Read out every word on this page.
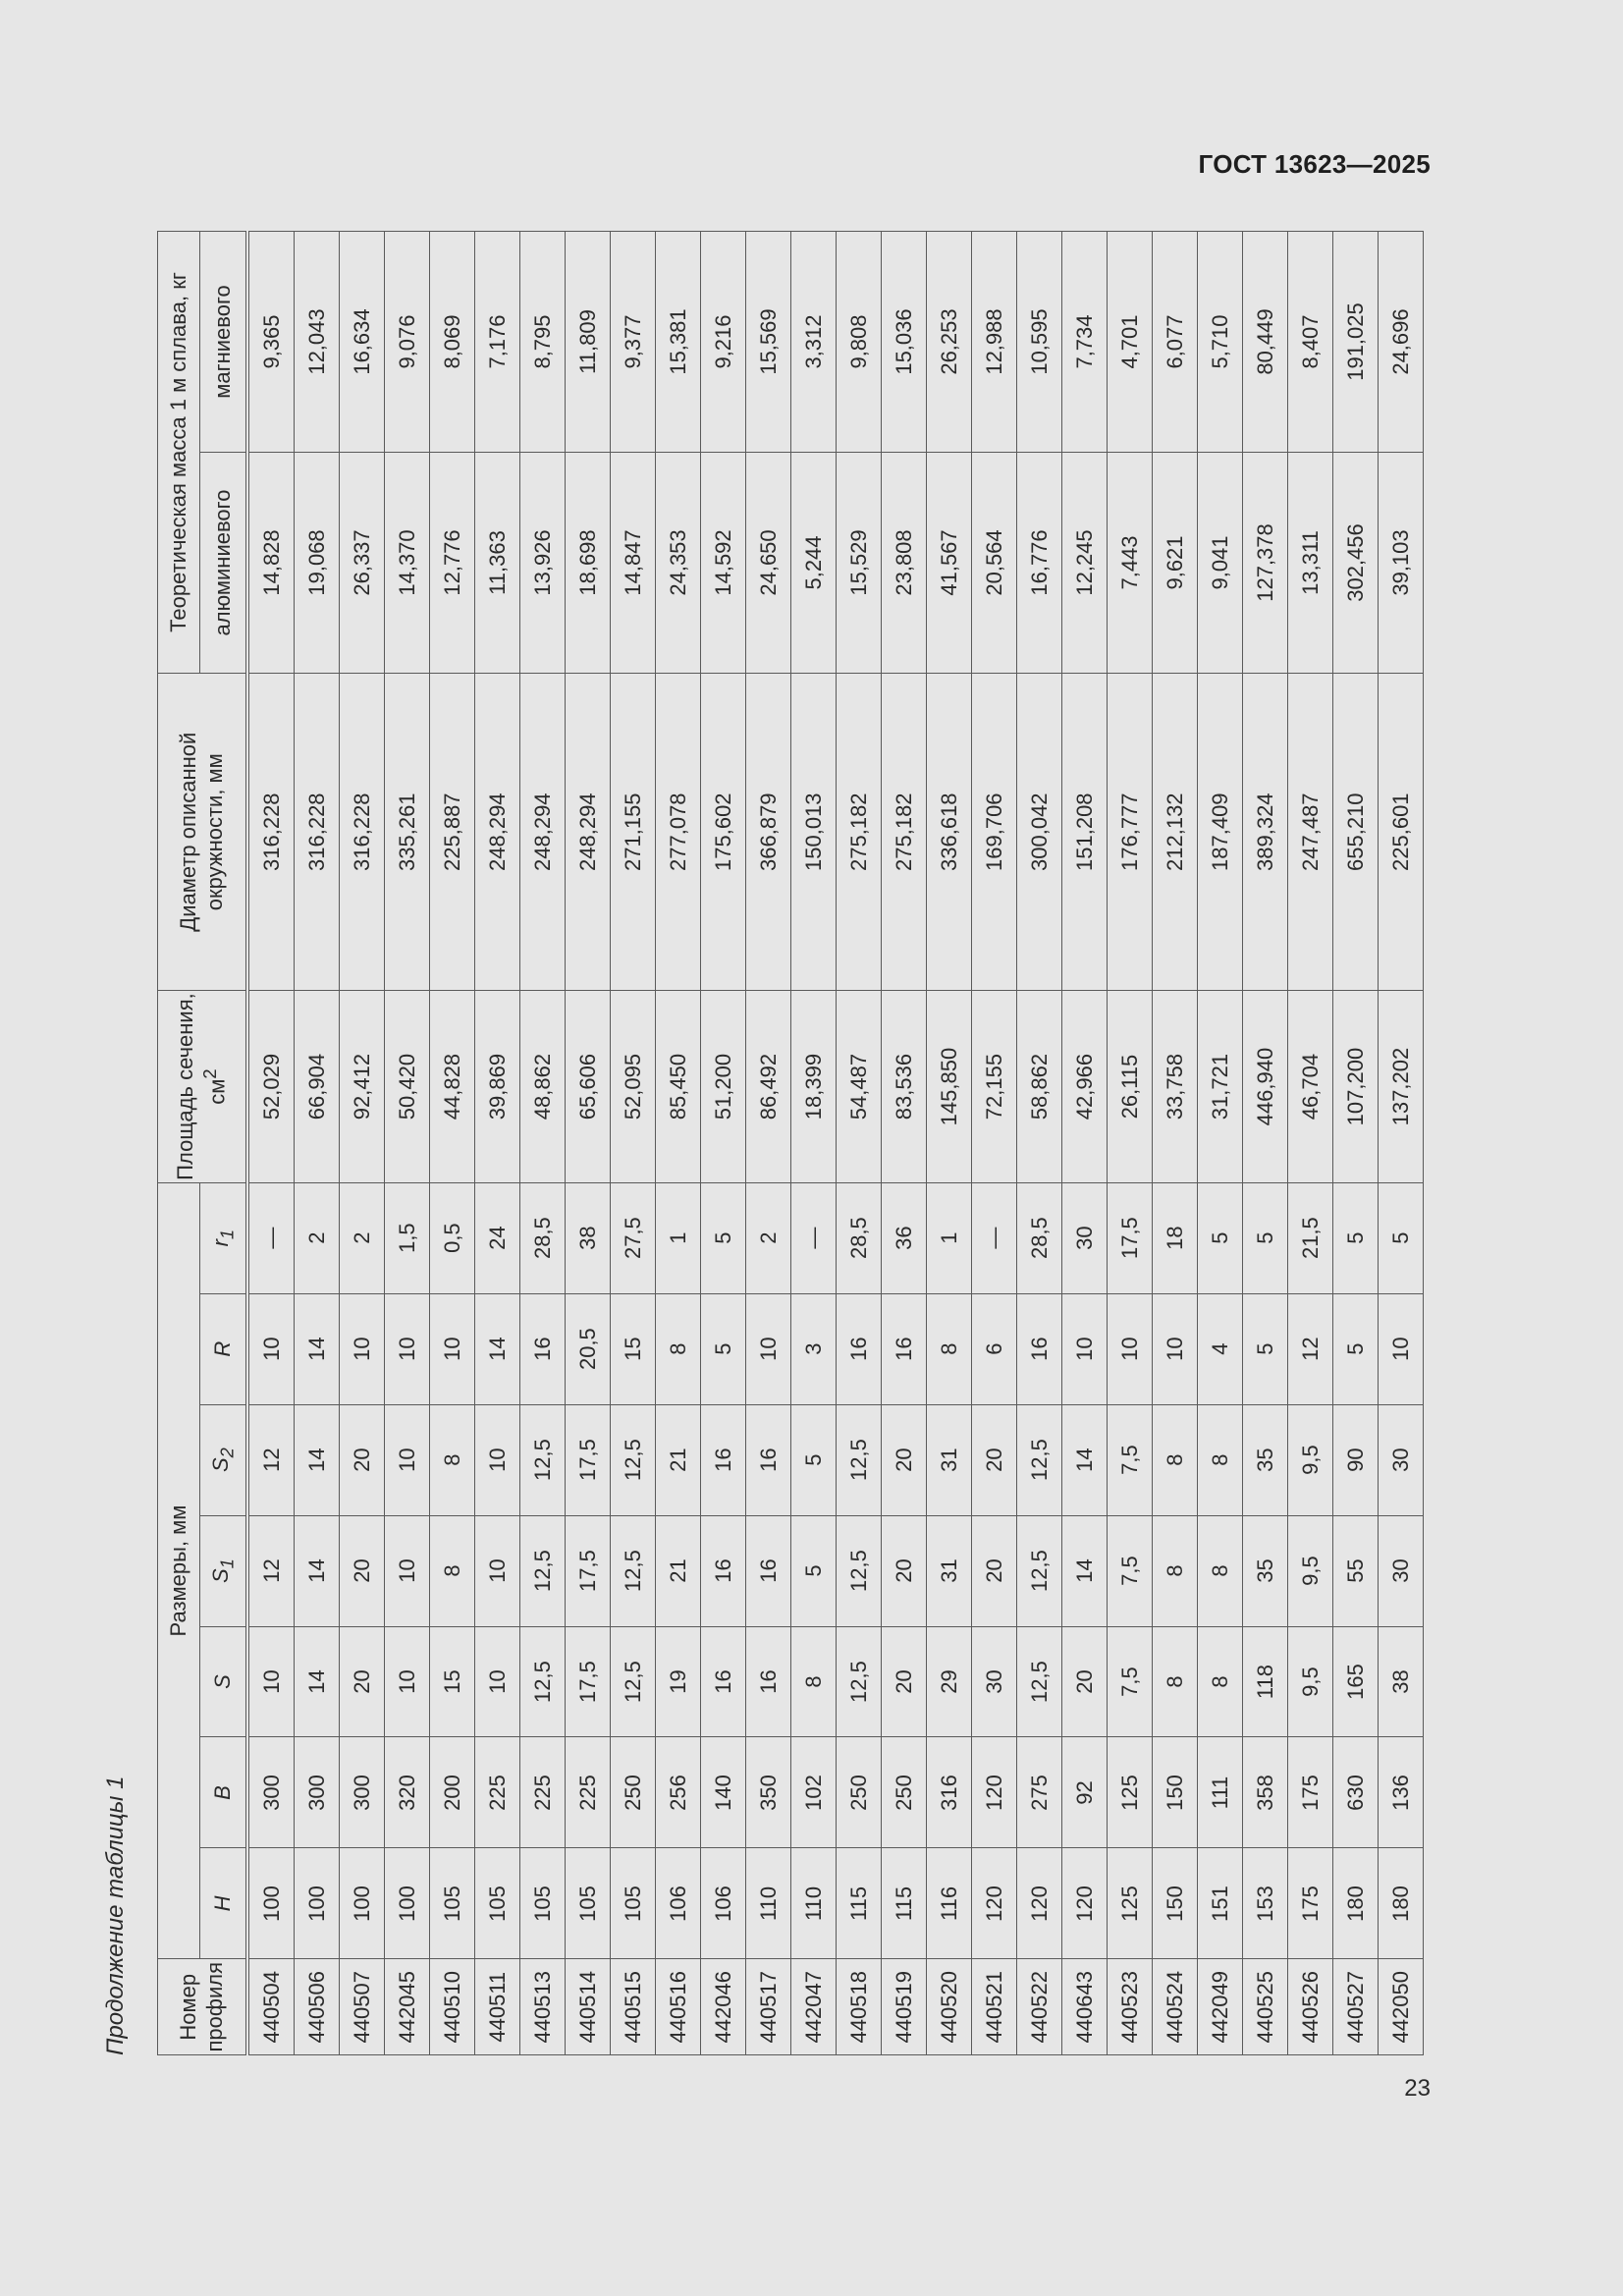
ГОСТ 13623—2025
Продолжение таблицы 1 Номер профиля	Размеры, мм							Площадь сечения, $см^2$	Диаметр описанной окружности, мм	Теоретическая масса 1 м сплава, кг	
	H	B	S	$S_1$	$S_2$	R	$r_1$			алюминиевого	магниевого
440504	100	300	10	12	12	10	—	52,029	316,228	14,828	9,365
440506	100	300	14	14	14	14	2	66,904	316,228	19,068	12,043
440507	100	300	20	20	20	10	2	92,412	316,228	26,337	16,634
442045	100	320	10	10	10	10	1,5	50,420	335,261	14,370	9,076
440510	105	200	15	8	8	10	0,5	44,828	225,887	12,776	8,069
440511	105	225	10	10	10	14	24	39,869	248,294	11,363	7,176
440513	105	225	12,5	12,5	12,5	16	28,5	48,862	248,294	13,926	8,795
440514	105	225	17,5	17,5	17,5	20,5	38	65,606	248,294	18,698	11,809
440515	105	250	12,5	12,5	12,5	15	27,5	52,095	271,155	14,847	9,377
440516	106	256	19	21	21	8	1	85,450	277,078	24,353	15,381
442046	106	140	16	16	16	5	5	51,200	175,602	14,592	9,216
440517	110	350	16	16	16	10	2	86,492	366,879	24,650	15,569
442047	110	102	8	5	5	3	—	18,399	150,013	5,244	3,312
440518	115	250	12,5	12,5	12,5	16	28,5	54,487	275,182	15,529	9,808
440519	115	250	20	20	20	16	36	83,536	275,182	23,808	15,036
440520	116	316	29	31	31	8	1	145,850	336,618	41,567	26,253
440521	120	120	30	20	20	6	—	72,155	169,706	20,564	12,988
440522	120	275	12,5	12,5	12,5	16	28,5	58,862	300,042	16,776	10,595
440643	120	92	20	14	14	10	30	42,966	151,208	12,245	7,734
440523	125	125	7,5	7,5	7,5	10	17,5	26,115	176,777	7,443	4,701
440524	150	150	8	8	8	10	18	33,758	212,132	9,621	6,077
442049	151	111	8	8	8	4	5	31,721	187,409	9,041	5,710
440525	153	358	118	35	35	5	5	446,940	389,324	127,378	80,449
440526	175	175	9,5	9,5	9,5	12	21,5	46,704	247,487	13,311	8,407
440527	180	630	165	55	90	5	5	107,200	655,210	302,456	191,025
442050	180	136	38	30	30	10	5	137,202	225,601	39,103	24,696
23
